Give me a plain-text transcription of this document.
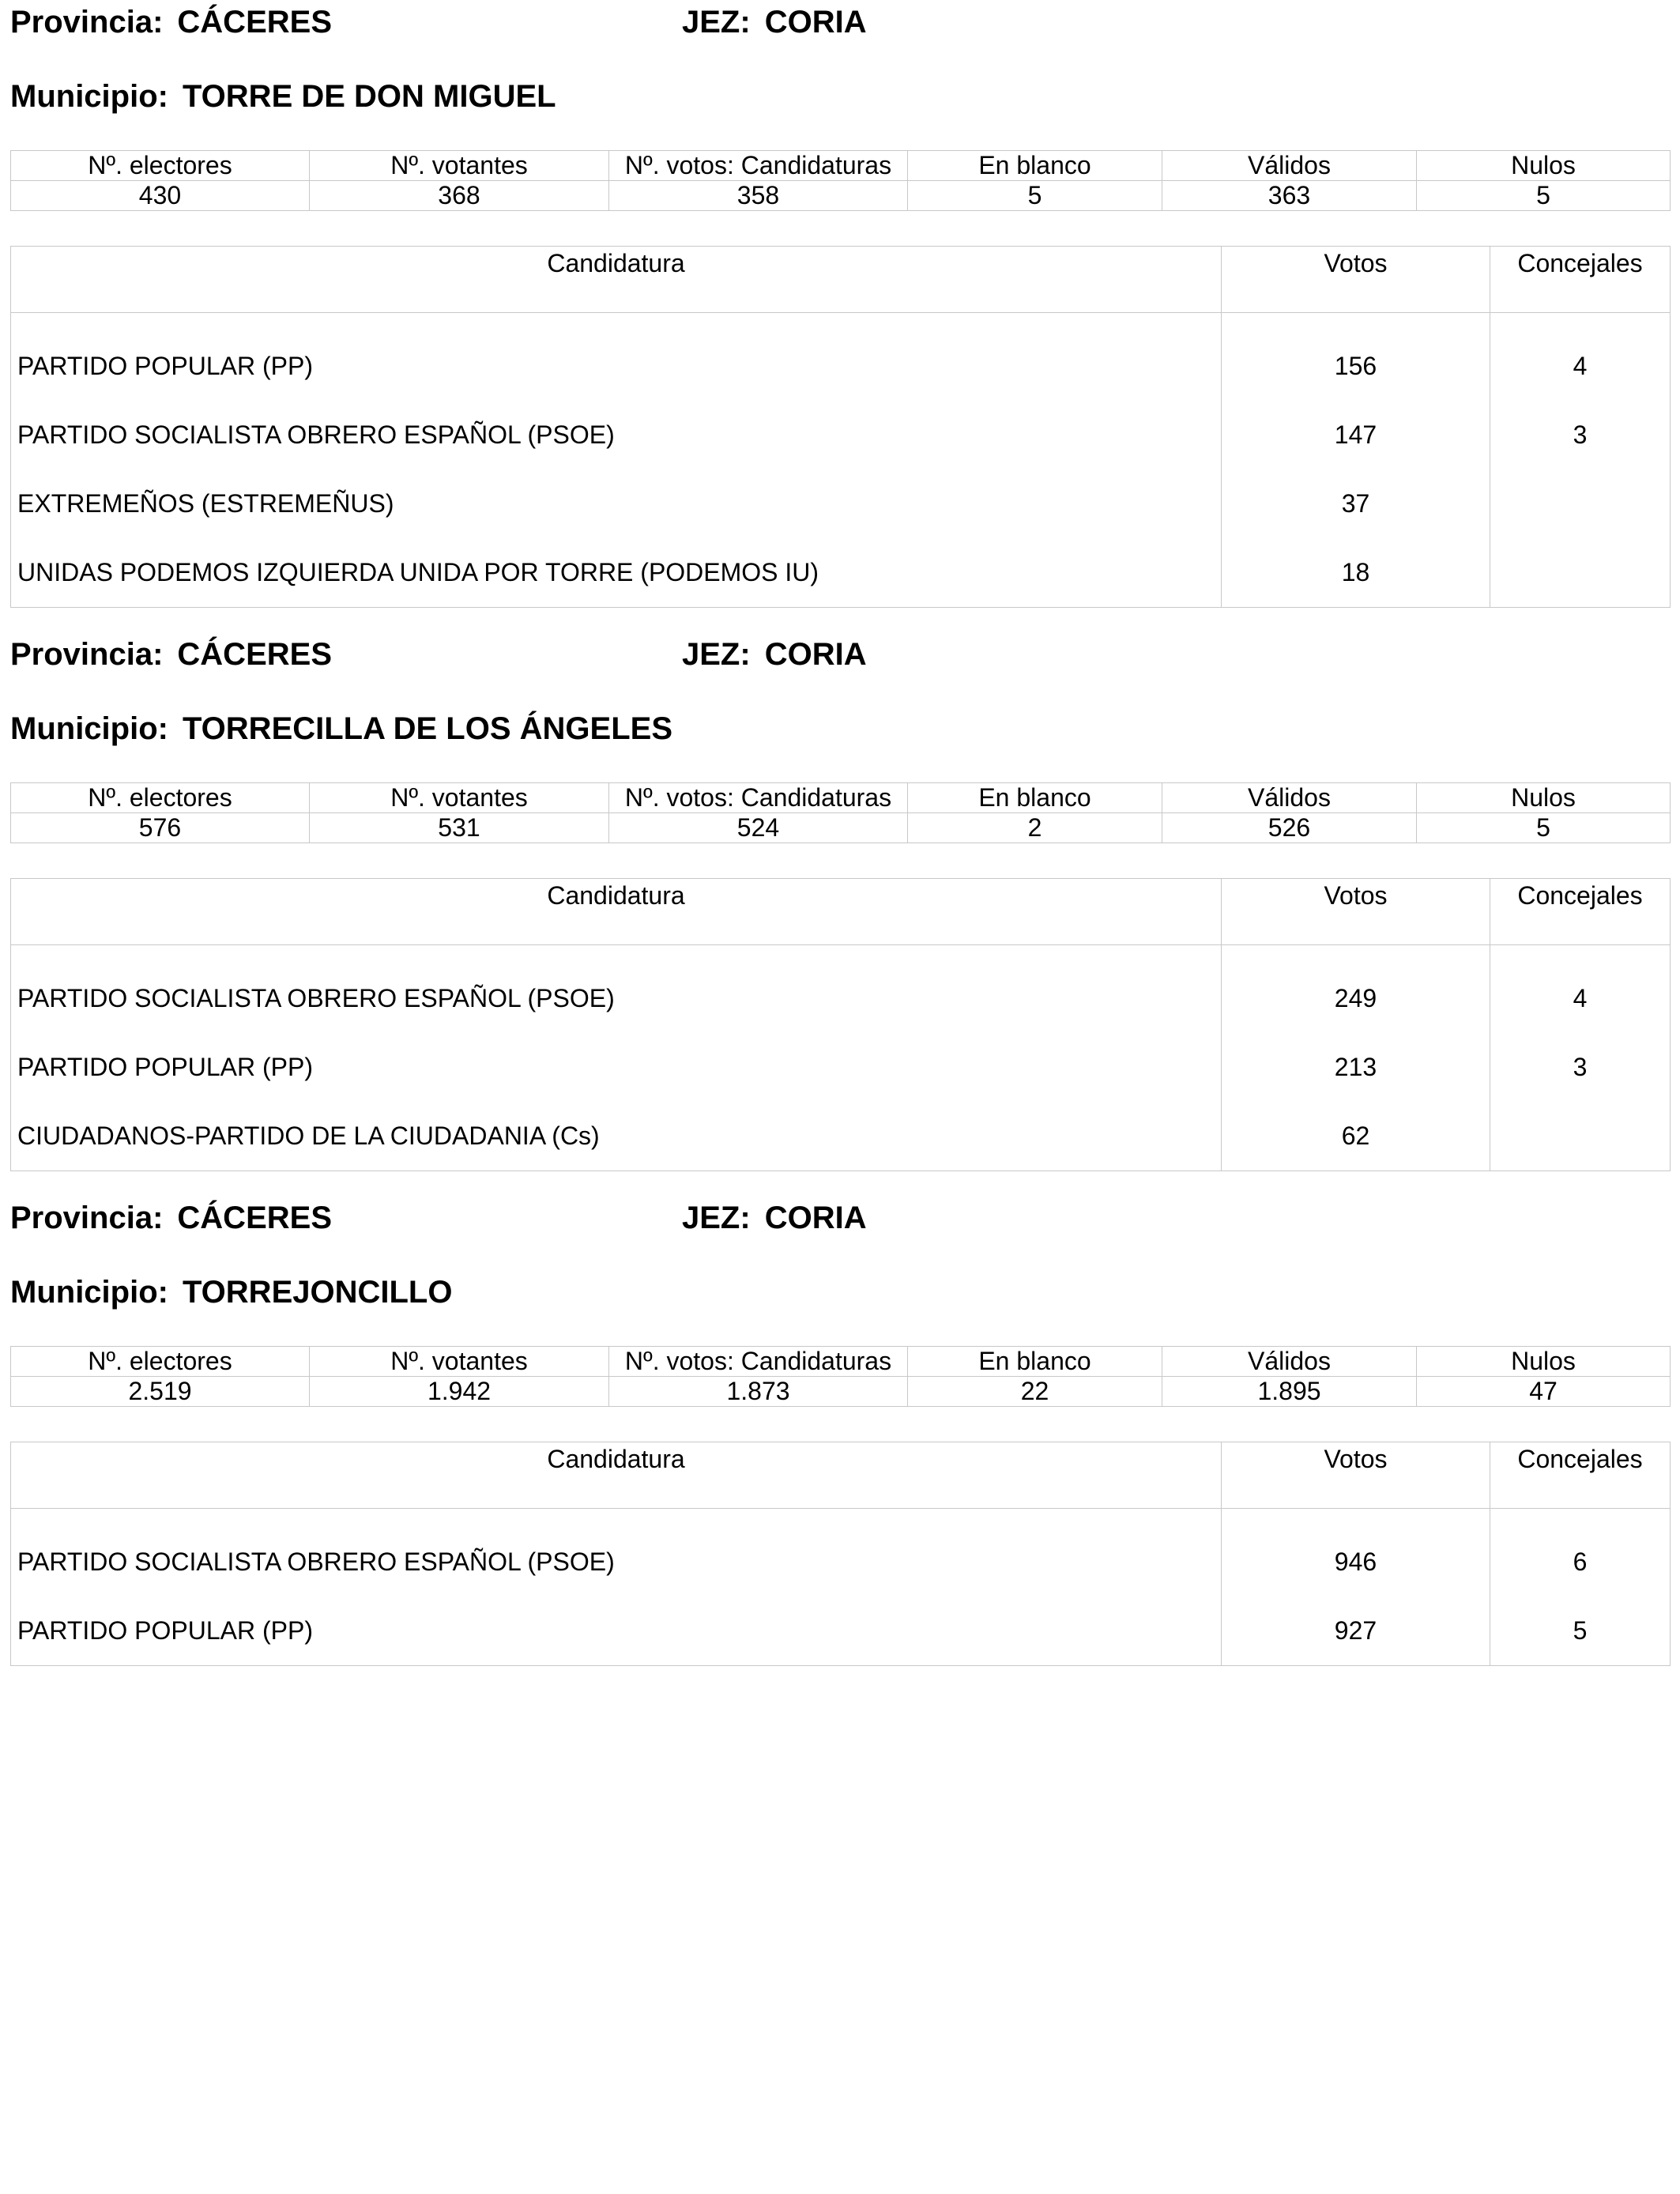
Provincia: CÁCERES	JEZ: CORIA
Municipio: TORRE DE DON MIGUEL
Nº. electores	Nº. votantes	Nº. votos: Candidaturas	En blanco	Válidos	Nulos
430	368	358	5	363	5
Candidatura	Votos	Concejales
PARTIDO POPULAR (PP)	156	4
PARTIDO SOCIALISTA OBRERO ESPAÑOL (PSOE)	147	3
EXTREMEÑOS (ESTREMEÑUS)	37	
UNIDAS PODEMOS IZQUIERDA UNIDA POR TORRE (PODEMOS IU)	18	
Provincia: CÁCERES	JEZ: CORIA
Municipio: TORRECILLA DE LOS ÁNGELES
Nº. electores	Nº. votantes	Nº. votos: Candidaturas	En blanco	Válidos	Nulos
576	531	524	2	526	5
Candidatura	Votos	Concejales
PARTIDO SOCIALISTA OBRERO ESPAÑOL (PSOE)	249	4
PARTIDO POPULAR (PP)	213	3
CIUDADANOS-PARTIDO DE LA CIUDADANIA (Cs)	62	
Provincia: CÁCERES	JEZ: CORIA
Municipio: TORREJONCILLO
Nº. electores	Nº. votantes	Nº. votos: Candidaturas	En blanco	Válidos	Nulos
2.519	1.942	1.873	22	1.895	47
Candidatura	Votos	Concejales
PARTIDO SOCIALISTA OBRERO ESPAÑOL (PSOE)	946	6
PARTIDO POPULAR (PP)	927	5
